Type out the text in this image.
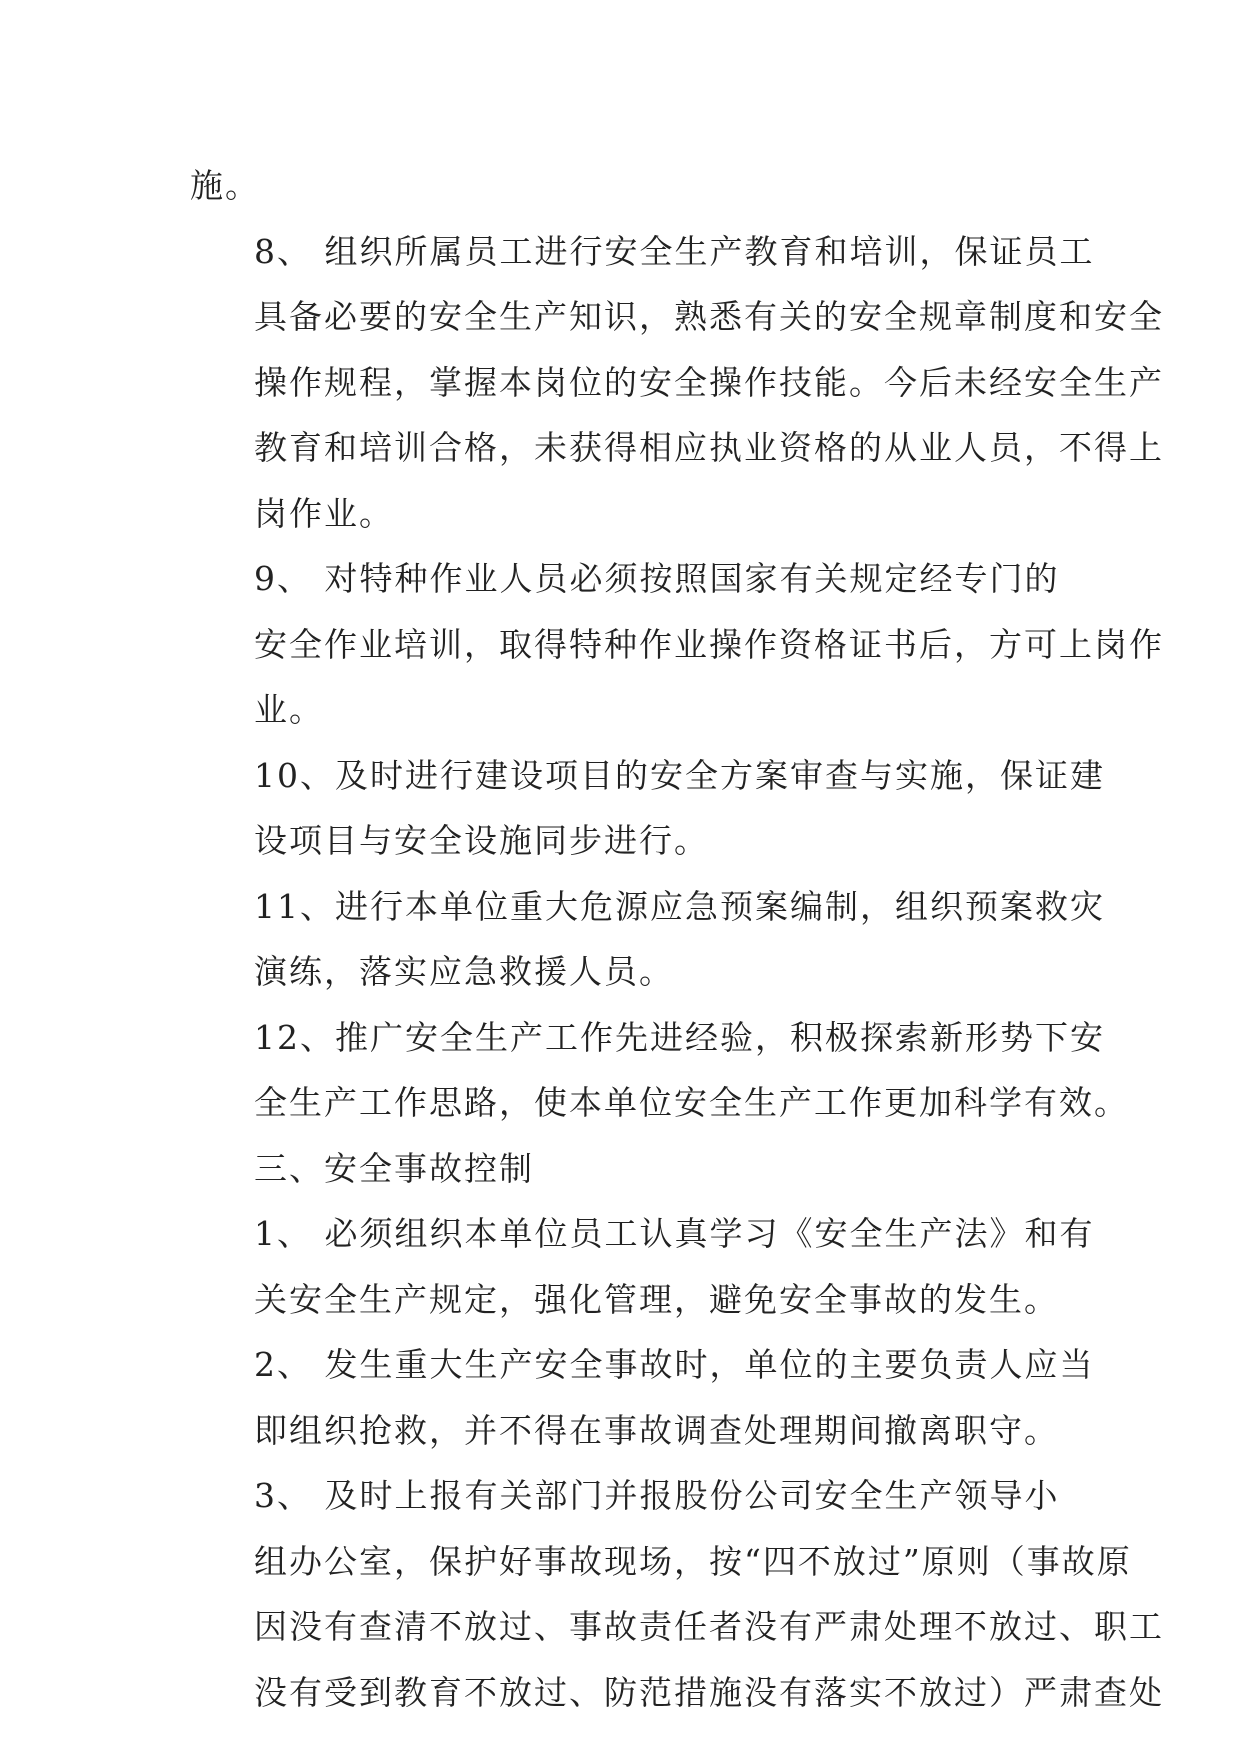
施。

8、 组织所属员工进行安全生产教育和培训，保证员工
具备必要的安全生产知识，熟悉有关的安全规章制度和安全
操作规程，掌握本岗位的安全操作技能。今后未经安全生产
教育和培训合格，未获得相应执业资格的从业人员，不得上
岗作业。

9、 对特种作业人员必须按照国家有关规定经专门的
安全作业培训，取得特种作业操作资格证书后，方可上岗作
业。

10、及时进行建设项目的安全方案审查与实施，保证建
设项目与安全设施同步进行。

11、进行本单位重大危源应急预案编制，组织预案救灾
演练，落实应急救援人员。

12、推广安全生产工作先进经验，积极探索新形势下安
全生产工作思路，使本单位安全生产工作更加科学有效。

三、安全事故控制

1、 必须组织本单位员工认真学习《安全生产法》和有
关安全生产规定，强化管理，避免安全事故的发生。

2、 发生重大生产安全事故时，单位的主要负责人应当
即组织抢救，并不得在事故调查处理期间撤离职守。

3、 及时上报有关部门并报股份公司安全生产领导小
组办公室，保护好事故现场，按“四不放过”原则（事故原
因没有查清不放过、事故责任者没有严肃处理不放过、职工
没有受到教育不放过、防范措施没有落实不放过）严肃查处
